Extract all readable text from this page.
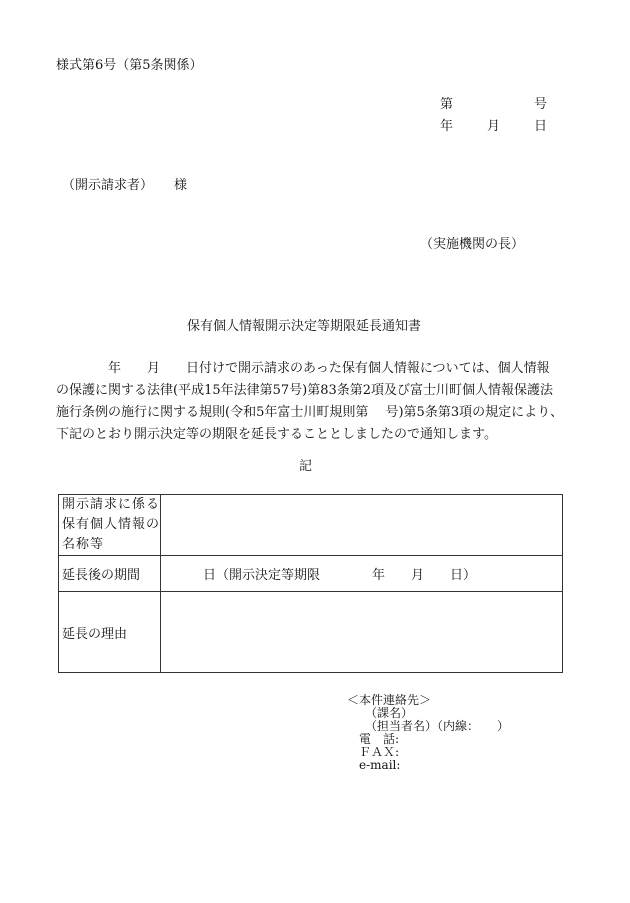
様式第6号（第5条関係）
第	号
年	月	日
（開示請求者） 様
（実施機関の長）
保有個人情報開示決定等期限延長通知書
年　　月　　日付けで開示請求のあった保有個人情報については、個人情報
の保護に関する法律(平成15年法律第57号)第83条第2項及び富士川町個人情報保護法
施行条例の施行に関する規則(令和5年富士川町規則第　 号)第5条第3項の規定により、
下記のとおり開示決定等の期限を延長することとしましたので通知します。
記
開示請求に係る
保有個人情報の
名称等	

延長後の期間	日（開示決定等期限　　　　年　　月　　日）
延長の理由	
＜本件連絡先＞
（課名）
（担当者名）（内線：　　）
電　話:
ＦＡＸ:
e-mail:
